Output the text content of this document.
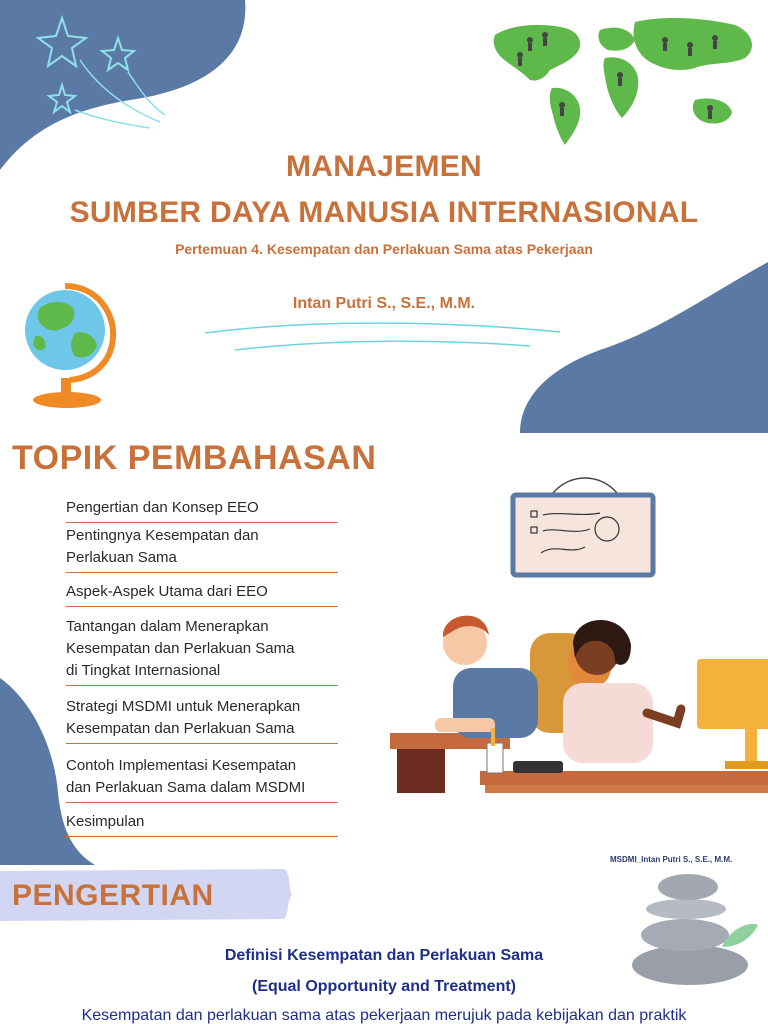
MANAJEMEN
SUMBER DAYA MANUSIA INTERNASIONAL
Pertemuan 4. Kesempatan dan Perlakuan Sama atas Pekerjaan
Intan Putri S., S.E., M.M.
TOPIK PEMBAHASAN
Pengertian dan Konsep EEO
Pentingnya Kesempatan dan
Perlakuan Sama
Aspek-Aspek Utama dari EEO
Tantangan dalam Menerapkan
Kesempatan dan Perlakuan Sama
di Tingkat Internasional
Strategi MSDMI untuk Menerapkan
Kesempatan dan Perlakuan Sama
Contoh Implementasi Kesempatan
dan Perlakuan Sama dalam MSDMI
Kesimpulan
MSDMI_Intan Putri S., S.E., M.M.
PENGERTIAN
Definisi Kesempatan dan Perlakuan Sama
(Equal Opportunity and Treatment)
Kesempatan dan perlakuan sama atas pekerjaan merujuk pada kebijakan dan praktik
